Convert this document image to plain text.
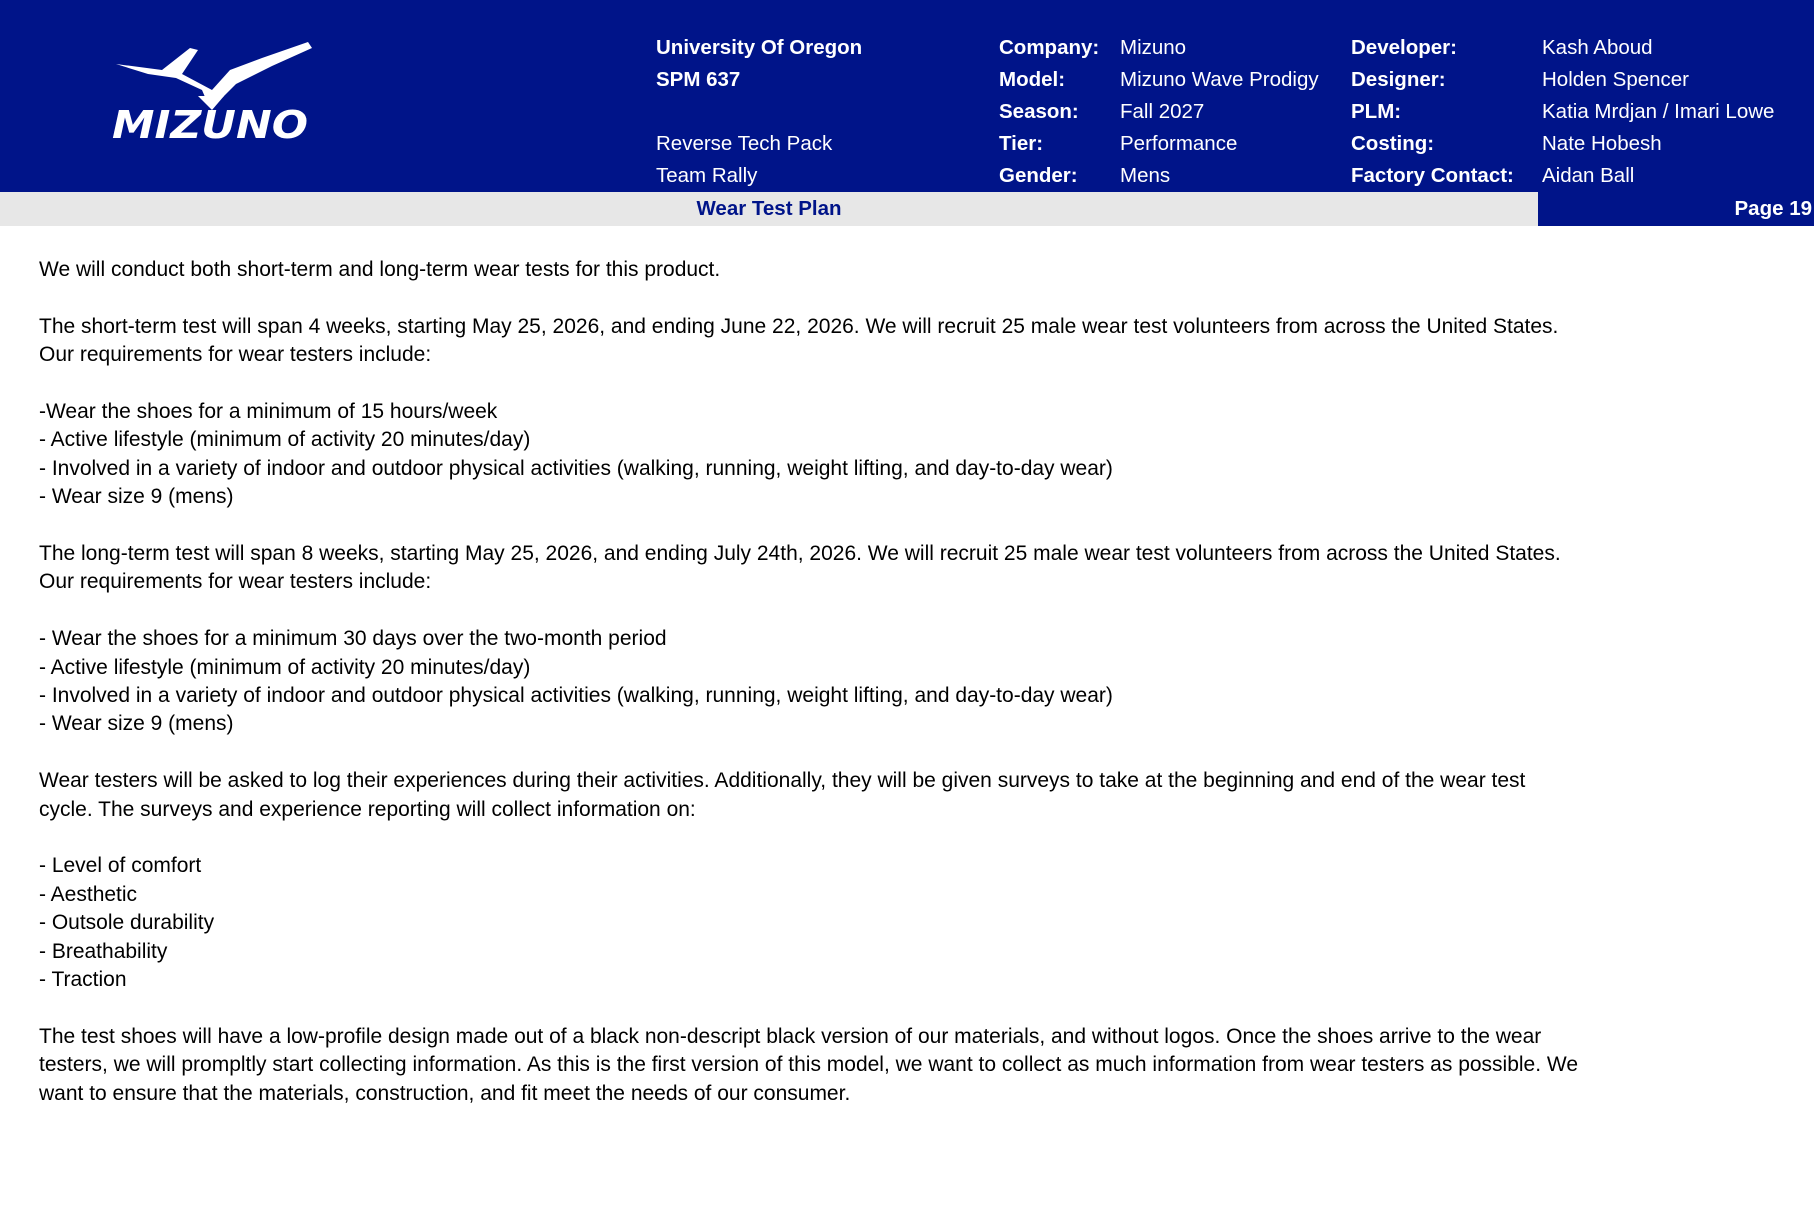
MIZUNO
University Of Oregon
SPM 637
Reverse Tech Pack
Team Rally
Company: Mizuno
Model:	Mizuno Wave Prodigy
Season: Fall 2027
Tier:	Performance
Gender: Mens
Developer:	Kash Aboud
Designer:	Holden Spencer
PLM:	Katia Mrdjan / Imari Lowe
Costing:	Nate Hobesh
Factory Contact: Aidan Ball
Wear Test Plan	Page 19

We will conduct both short-term and long-term wear tests for this product.

The short-term test will span 4 weeks, starting May 25, 2026, and ending June 22, 2026. We will recruit 25 male wear test volunteers from across the United States. Our requirements for wear testers include:

-Wear the shoes for a minimum of 15 hours/week

- Active lifestyle (minimum of activity 20 minutes/day)

- Involved in a variety of indoor and outdoor physical activities (walking, running, weight lifting, and day-to-day wear)

- Wear size 9 (mens)

The long-term test will span 8 weeks, starting May 25, 2026, and ending July 24th, 2026. We will recruit 25 male wear test volunteers from across the United States. Our requirements for wear testers include:

- Wear the shoes for a minimum 30 days over the two-month period

- Active lifestyle (minimum of activity 20 minutes/day)

- Involved in a variety of indoor and outdoor physical activities (walking, running, weight lifting, and day-to-day wear)

- Wear size 9 (mens)

Wear testers will be asked to log their experiences during their activities. Additionally, they will be given surveys to take at the beginning and end of the wear test cycle. The surveys and experience reporting will collect information on:

- Level of comfort

- Aesthetic

- Outsole durability

- Breathability

- Traction

The test shoes will have a low-profile design made out of a black non-descript black version of our materials, and without logos. Once the shoes arrive to the wear testers, we will prompltly start collecting information. As this is the first version of this model, we want to collect as much information from wear testers as possible. We want to ensure that the materials, construction, and fit meet the needs of our consumer.
